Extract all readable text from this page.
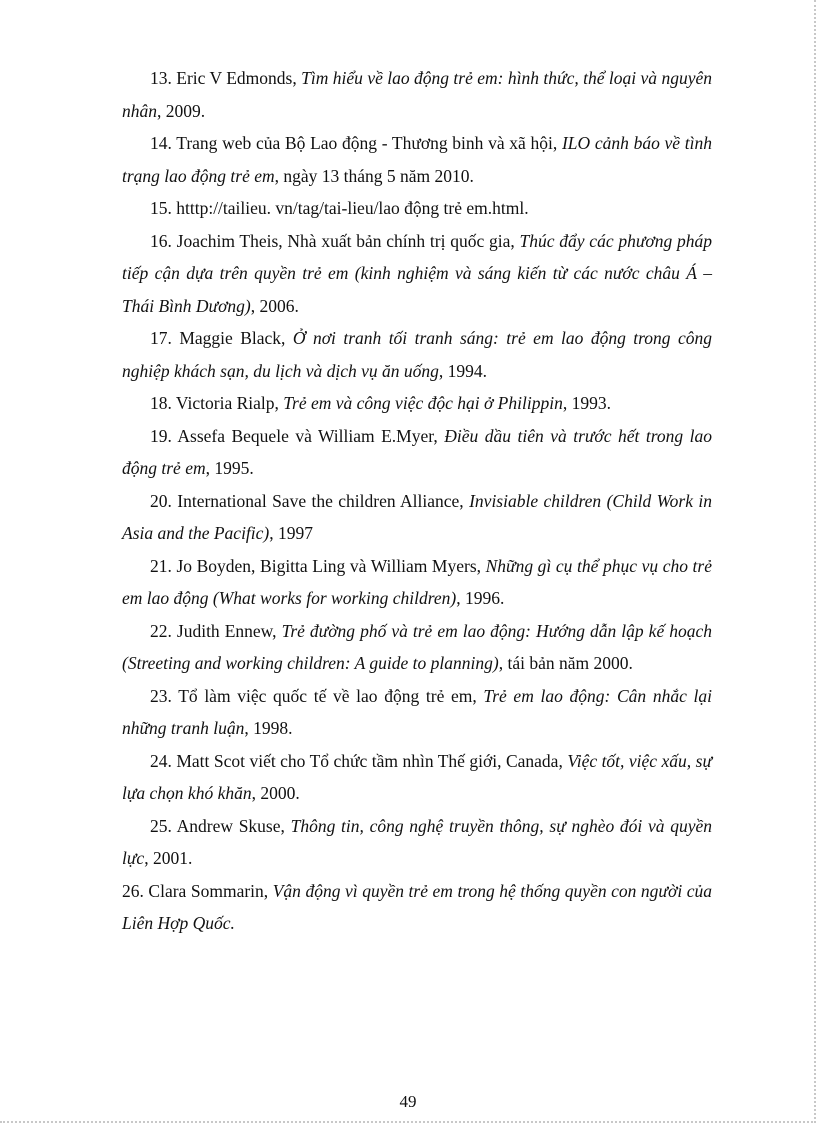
13. Eric V Edmonds, Tìm hiểu về lao động trẻ em: hình thức, thể loại và nguyên nhân, 2009.

14. Trang web của Bộ Lao động - Thương binh và xã hội, ILO cảnh báo về tình trạng lao động trẻ em, ngày 13 tháng 5 năm 2010.

15. htttp://tailieu. vn/tag/tai-lieu/lao động trẻ em.html.

16. Joachim Theis, Nhà xuất bản chính trị quốc gia, Thúc đẩy các phương pháp tiếp cận dựa trên quyền trẻ em (kinh nghiệm và sáng kiến từ các nước châu Á – Thái Bình Dương), 2006.

17. Maggie Black, Ở nơi tranh tối tranh sáng: trẻ em lao động trong công nghiệp khách sạn, du lịch và dịch vụ ăn uống, 1994.

18. Victoria Rialp, Trẻ em và công việc độc hại ở Philippin, 1993.

19. Assefa Bequele và William E.Myer, Điều dầu tiên và trước hết trong lao động trẻ em, 1995.

20. International Save the children Alliance, Invisiable children (Child Work in Asia and the Pacific), 1997

21. Jo Boyden, Bigitta Ling và William Myers, Những gì cụ thể phục vụ cho trẻ em lao động (What works for working children), 1996.

22. Judith Ennew, Trẻ đường phố và trẻ em lao động: Hướng dẫn lập kế hoạch (Streeting and working children: A guide to planning), tái bản năm 2000.

23. Tổ làm việc quốc tế về lao động trẻ em, Trẻ em lao động: Cân nhắc lại những tranh luận, 1998.

24. Matt Scot viết cho Tổ chức tầm nhìn Thế giới, Canada, Việc tốt, việc xấu, sự lựa chọn khó khăn, 2000.

25. Andrew Skuse, Thông tin, công nghệ truyền thông, sự nghèo đói và quyền lực, 2001.

26. Clara Sommarin, Vận động vì quyền trẻ em trong hệ thống quyền con người của Liên Hợp Quốc.

49
